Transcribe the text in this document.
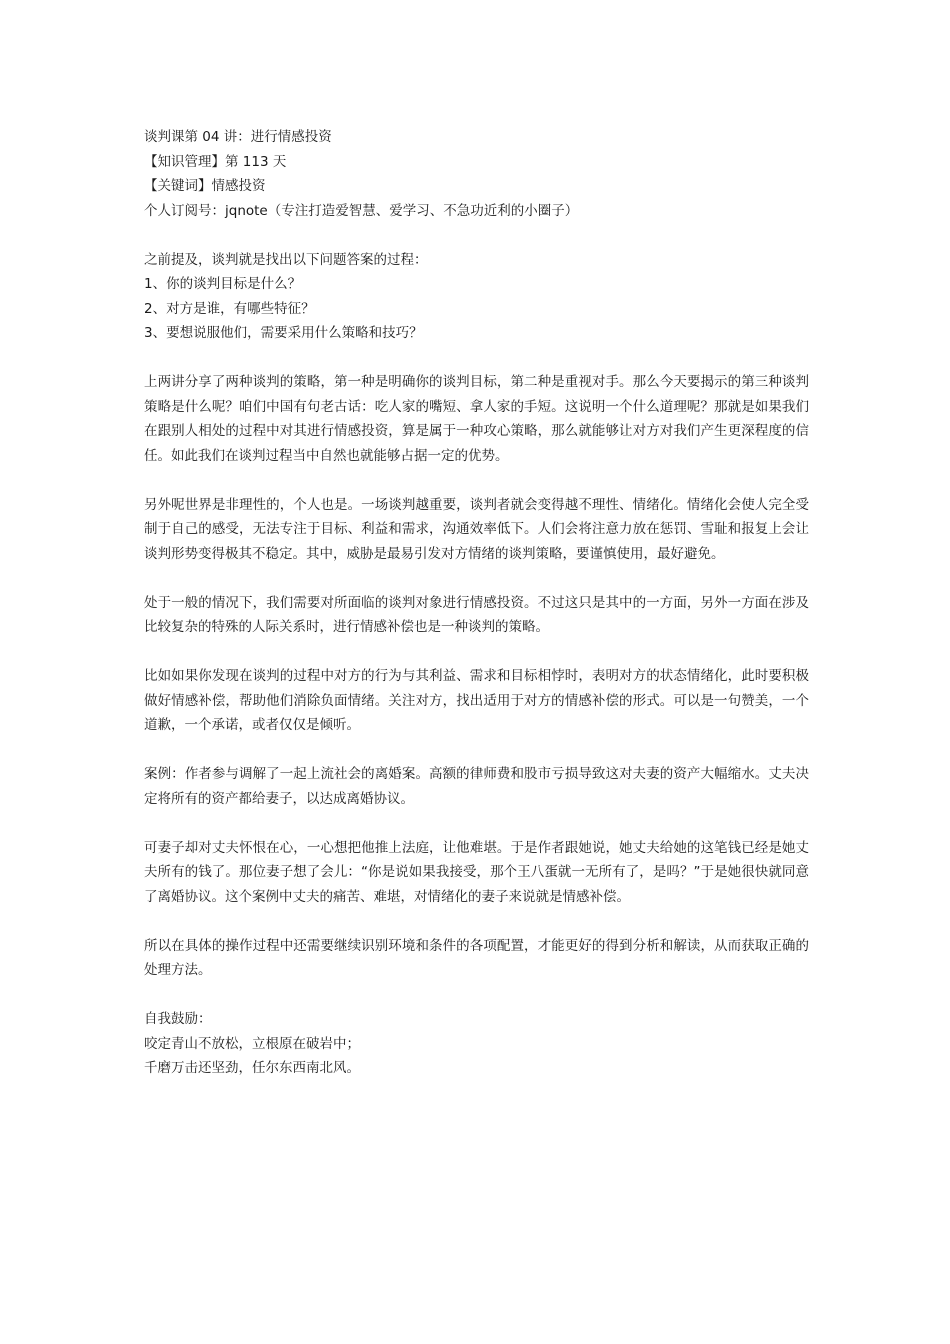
谈判课第 04 讲：进行情感投资

【知识管理】第 113 天

【关键词】情感投资

个人订阅号：jqnote（专注打造爱智慧、爱学习、不急功近利的小圈子）

之前提及，谈判就是找出以下问题答案的过程：

1、你的谈判目标是什么？

2、对方是谁，有哪些特征？

3、要想说服他们，需要采用什么策略和技巧？

上两讲分享了两种谈判的策略，第一种是明确你的谈判目标，第二种是重视对手。那么今天要揭示的第三种谈判策略是什么呢？咱们中国有句老古话：吃人家的嘴短、拿人家的手短。这说明一个什么道理呢？那就是如果我们在跟别人相处的过程中对其进行情感投资，算是属于一种攻心策略，那么就能够让对方对我们产生更深程度的信任。如此我们在谈判过程当中自然也就能够占据一定的优势。

另外呢世界是非理性的，个人也是。一场谈判越重要，谈判者就会变得越不理性、情绪化。情绪化会使人完全受制于自己的感受，无法专注于目标、利益和需求，沟通效率低下。人们会将注意力放在惩罚、雪耻和报复上会让谈判形势变得极其不稳定。其中，威胁是最易引发对方情绪的谈判策略，要谨慎使用，最好避免。

处于一般的情况下，我们需要对所面临的谈判对象进行情感投资。不过这只是其中的一方面，另外一方面在涉及比较复杂的特殊的人际关系时，进行情感补偿也是一种谈判的策略。

比如如果你发现在谈判的过程中对方的行为与其利益、需求和目标相悖时，表明对方的状态情绪化，此时要积极做好情感补偿，帮助他们消除负面情绪。关注对方，找出适用于对方的情感补偿的形式。可以是一句赞美，一个道歉，一个承诺，或者仅仅是倾听。

案例：作者参与调解了一起上流社会的离婚案。高额的律师费和股市亏损导致这对夫妻的资产大幅缩水。丈夫决定将所有的资产都给妻子，以达成离婚协议。

可妻子却对丈夫怀恨在心，一心想把他推上法庭，让他难堪。于是作者跟她说，她丈夫给她的这笔钱已经是她丈夫所有的钱了。那位妻子想了会儿：“你是说如果我接受，那个王八蛋就一无所有了，是吗？”于是她很快就同意了离婚协议。这个案例中丈夫的痛苦、难堪，对情绪化的妻子来说就是情感补偿。

所以在具体的操作过程中还需要继续识别环境和条件的各项配置，才能更好的得到分析和解读，从而获取正确的处理方法。

自我鼓励：

咬定青山不放松，立根原在破岩中；

千磨万击还坚劲，任尔东西南北风。
